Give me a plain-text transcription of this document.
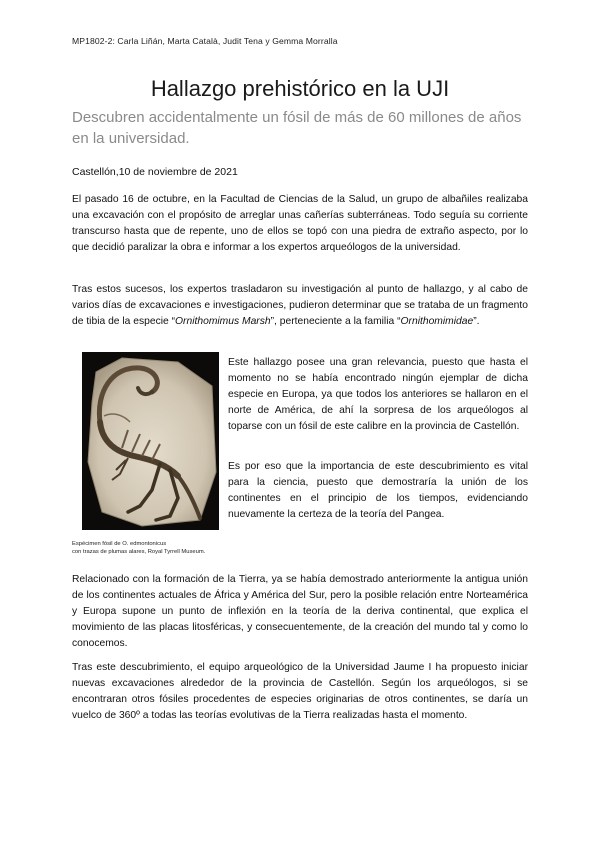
MP1802-2: Carla Liñán, Marta Català, Judit Tena y Gemma Morralla
Hallazgo prehistórico en la UJI
Descubren accidentalmente un fósil de más de 60 millones de años en la universidad.
Castellón,10 de noviembre de 2021
El pasado 16 de octubre, en la Facultad de Ciencias de la Salud, un grupo de albañiles realizaba una excavación con el propósito de arreglar unas cañerías subterráneas. Todo seguía su corriente transcurso hasta que de repente, uno de ellos se topó con una piedra de extraño aspecto, por lo que decidió paralizar la obra e informar a los expertos arqueólogos de la universidad.
Tras estos sucesos, los expertos trasladaron su investigación al punto de hallazgo, y al cabo de varios días de excavaciones e investigaciones, pudieron determinar que se trataba de un fragmento de tibia de la especie “Ornithomimus Marsh”, perteneciente a la familia “Ornithomimidae”.
Espécimen fósil de O. edmontonicus
con trazas de plumas alares, Royal Tyrrell Museum.
Este hallazgo posee una gran relevancia, puesto que hasta el momento no se había encontrado ningún ejemplar de dicha especie en Europa, ya que todos los anteriores se hallaron en el norte de América, de ahí la sorpresa de los arqueólogos al toparse con un fósil de este calibre en la provincia de Castellón.
Es por eso que la importancia de este descubrimiento es vital para la ciencia, puesto que demostraría la unión de los continentes en el principio de los tiempos, evidenciando nuevamente la certeza de la teoría del Pangea.
Relacionado con la formación de la Tierra, ya se había demostrado anteriormente la antigua unión de los continentes actuales de África y América del Sur, pero la posible relación entre Norteamérica y Europa supone un punto de inflexión en la teoría de la deriva continental, que explica el movimiento de las placas litosféricas, y consecuentemente, de la creación del mundo tal y como lo conocemos.
Tras este descubrimiento, el equipo arqueológico de la Universidad Jaume I ha propuesto iniciar nuevas excavaciones alrededor de la provincia de Castellón. Según los arqueólogos, si se encontraran otros fósiles procedentes de especies originarias de otros continentes, se daría un vuelco de 360º a todas las teorías evolutivas de la Tierra realizadas hasta el momento.
